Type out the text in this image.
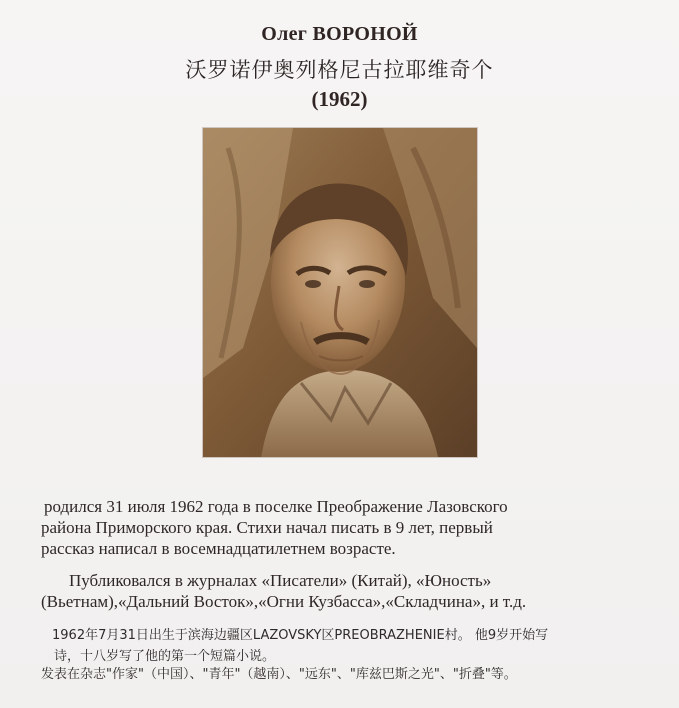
Олег ВОРОНОЙ
沃罗诺伊奥列格尼古拉耶维奇个
(1962)
родился 31 июля 1962 года в поселке Преображение Лазовского
района Приморского края. Стихи начал писать в 9 лет, первый
рассказ написал в восемнадцатилетнем возрасте.
Публиковался в журналах «Писатели» (Китай), «Юность»
(Вьетнам),«Дальний Восток»,«Огни Кузбасса»,«Складчина», и т.д.
1962年7月31日出生于滨海边疆区LAZOVSKY区PREOBRAZHENIE村。 他9岁开始写
诗，十八岁写了他的第一个短篇小说。
发表在杂志"作家"（中国）、"青年"（越南）、"远东"、"库兹巴斯之光"、"折叠"等。
